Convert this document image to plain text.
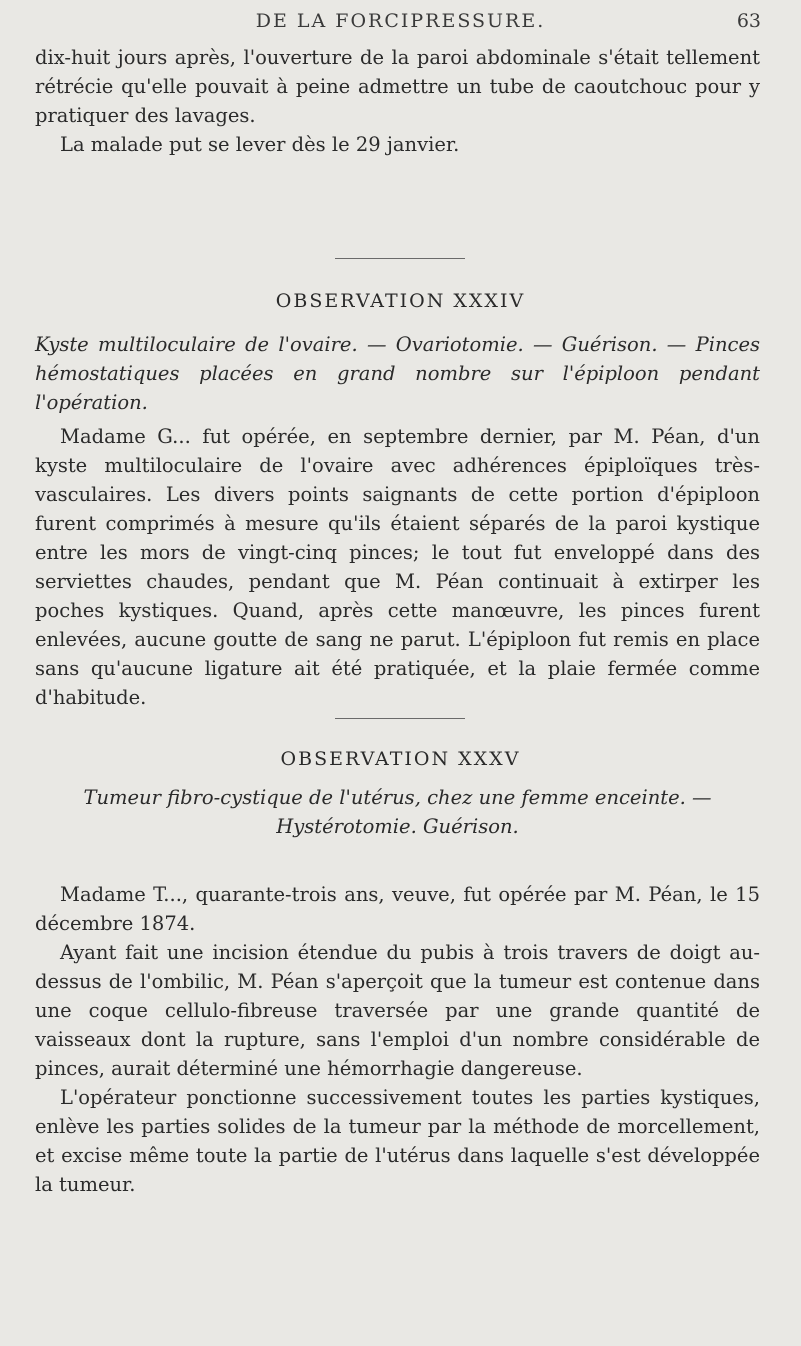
DE LA FORCIPRESSURE.	63

dix-huit jours après, l'ouverture de la paroi abdominale s'était tellement rétrécie qu'elle pouvait à peine admettre un tube de caoutchouc pour y pratiquer des lavages.

La malade put se lever dès le 29 janvier.

OBSERVATION XXXIV
Kyste multiloculaire de l'ovaire. — Ovariotomie. — Guérison. — Pinces hémostatiques placées en grand nombre sur l'épiploon pendant l'opération.

Madame G... fut opérée, en septembre dernier, par M. Péan, d'un kyste multiloculaire de l'ovaire avec adhérences épiploïques très-vasculaires. Les divers points saignants de cette portion d'épiploon furent comprimés à mesure qu'ils étaient séparés de la paroi kystique entre les mors de vingt-cinq pinces; le tout fut enveloppé dans des serviettes chaudes, pendant que M. Péan continuait à extirper les poches kystiques. Quand, après cette manœuvre, les pinces furent enlevées, aucune goutte de sang ne parut. L'épiploon fut remis en place sans qu'aucune ligature ait été pratiquée, et la plaie fermée comme d'habitude.

OBSERVATION XXXV
Tumeur fibro-cystique de l'utérus, chez une femme enceinte. — Hystérotomie. Guérison.

Madame T..., quarante-trois ans, veuve, fut opérée par M. Péan, le 15 décembre 1874.

Ayant fait une incision étendue du pubis à trois travers de doigt au-dessus de l'ombilic, M. Péan s'aperçoit que la tumeur est contenue dans une coque cellulo-fibreuse traversée par une grande quantité de vaisseaux dont la rupture, sans l'emploi d'un nombre considérable de pinces, aurait déterminé une hémorrhagie dangereuse.

L'opérateur ponctionne successivement toutes les parties kystiques, enlève les parties solides de la tumeur par la méthode de morcellement, et excise même toute la partie de l'utérus dans laquelle s'est développée la tumeur.
